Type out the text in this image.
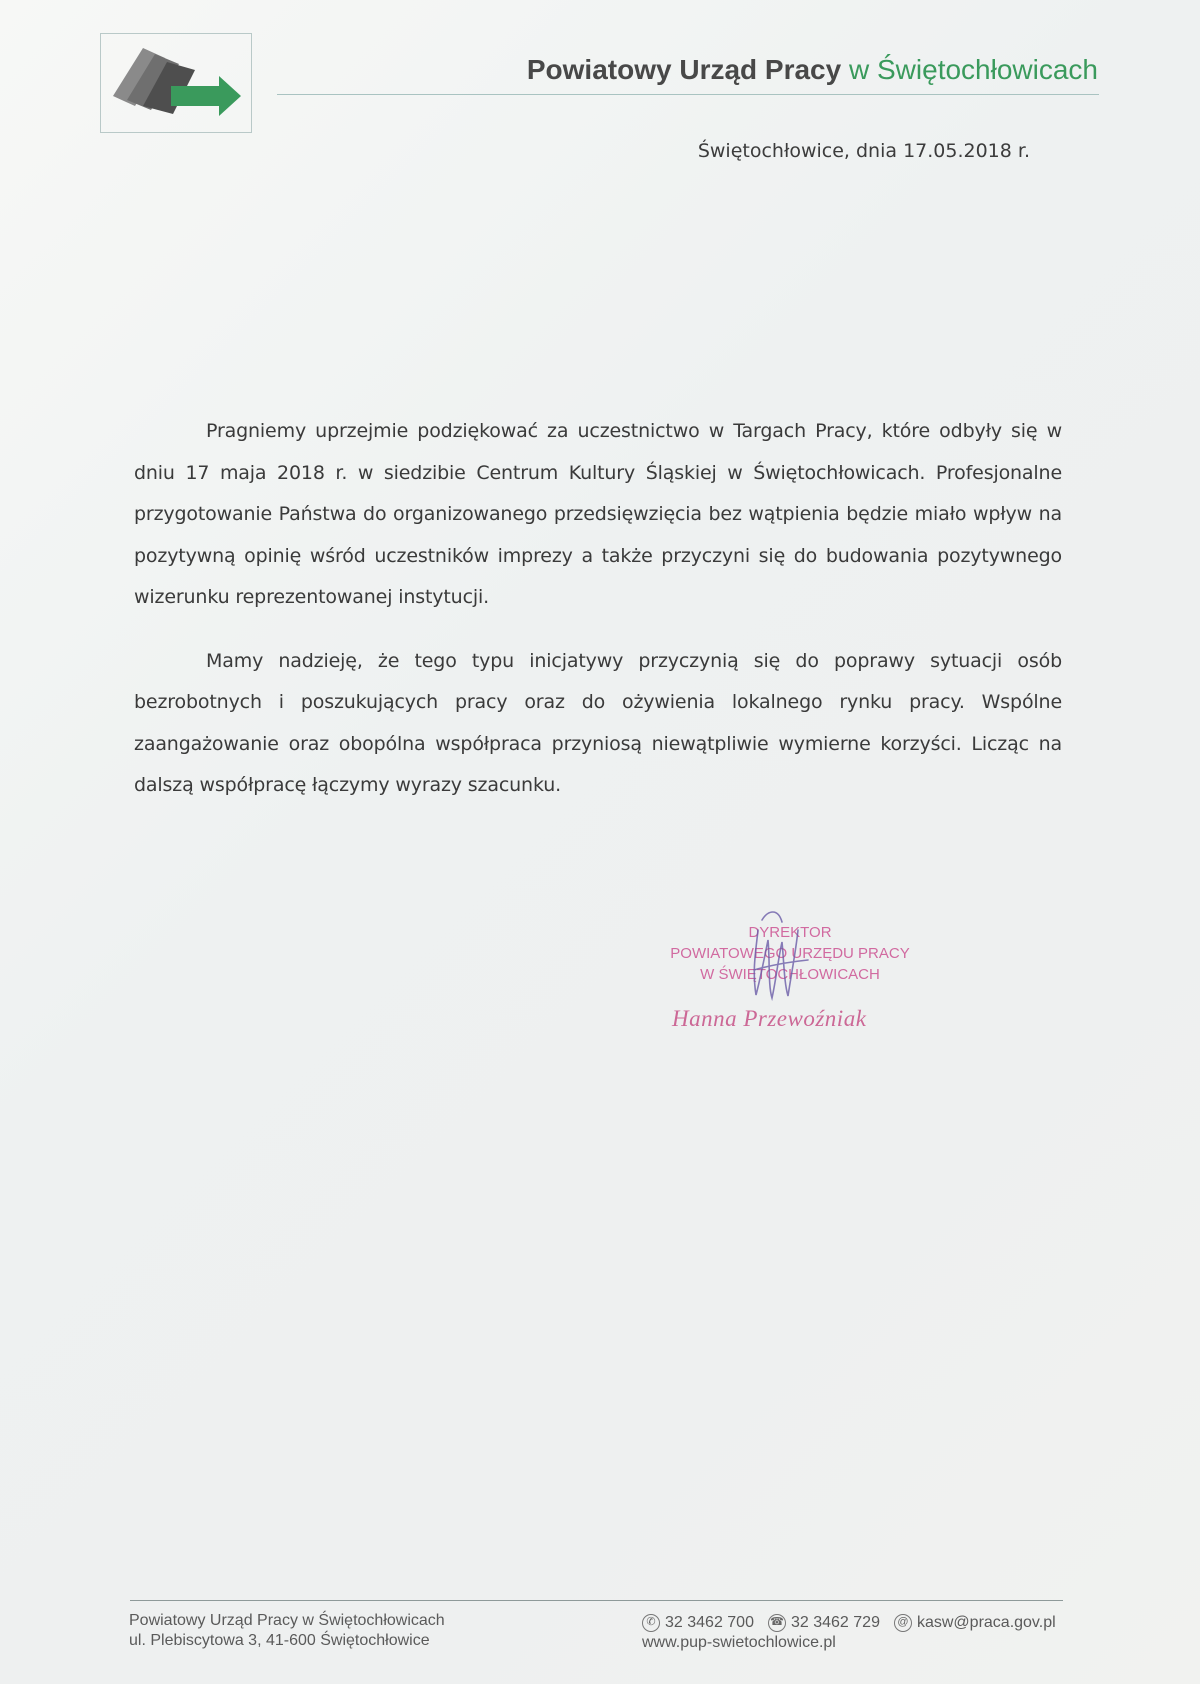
Powiatowy Urząd Pracy w Świętochłowicach
Świętochłowice, dnia 17.05.2018 r.

Pragniemy uprzejmie podziękować za uczestnictwo w Targach Pracy, które odbyły się w dniu 17 maja 2018 r. w siedzibie Centrum Kultury Śląskiej w Świętochłowicach. Profesjonalne przygotowanie Państwa do organizowanego przedsięwzięcia bez wątpienia będzie miało wpływ na pozytywną opinię wśród uczestników imprezy a także przyczyni się do budowania pozytywnego wizerunku reprezentowanej instytucji.

Mamy nadzieję, że tego typu inicjatywy przyczynią się do poprawy sytuacji osób bezrobotnych i poszukujących pracy oraz do ożywienia lokalnego rynku pracy. Wspólne zaangażowanie oraz obopólna współpraca przyniosą niewątpliwie wymierne korzyści. Licząc na dalszą współpracę łączymy wyrazy szacunku.

DYREKTOR
POWIATOWEGO URZĘDU PRACY
W ŚWIĘTOCHŁOWICACH
Hanna Przewoźniak
Powiatowy Urząd Pracy w Świętochłowicach
ul. Plebiscytowa 3, 41-600 Świętochłowice
✆ 32 3462 700 ☎ 32 3462 729	@ kasw@praca.gov.pl
www.pup-swietochlowice.pl
